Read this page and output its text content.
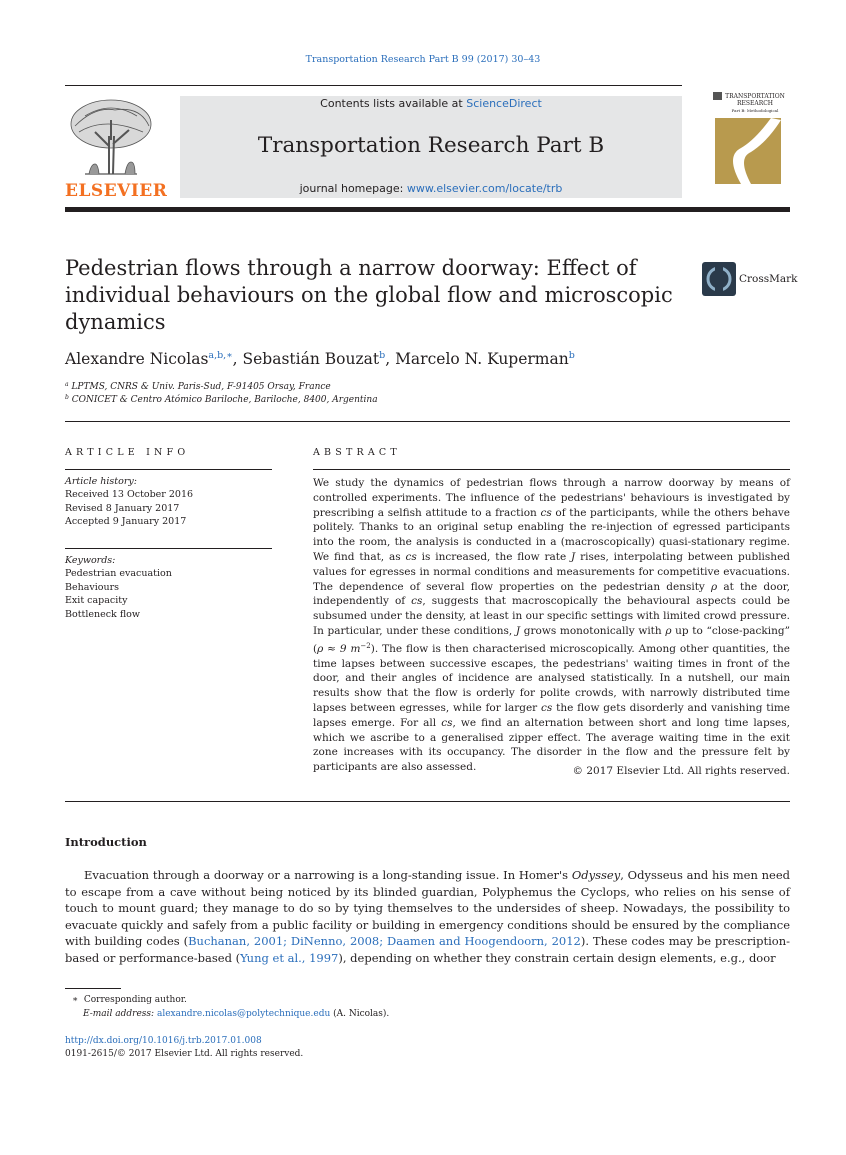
Transportation Research Part B 99 (2017) 30–43
ELSEVIER
Contents lists available at ScienceDirect
Transportation Research Part B
journal homepage: www.elsevier.com/locate/trb
TRANSPORTATION
RESEARCH
Part B: Methodological
Pedestrian flows through a narrow doorway: Effect of individual behaviours on the global flow and microscopic dynamics
CrossMark
Alexandre Nicolas$^{a,b,∗}$, Sebastián Bouzat$^b$, Marcelo N. Kuperman$^b$
$^a$ LPTMS, CNRS & Univ. Paris-Sud, F-91405 Orsay, France
$^b$ CONICET & Centro Atómico Bariloche, Bariloche, 8400, Argentina
ARTICLE INFO
Article history:
Received 13 October 2016
Revised 8 January 2017
Accepted 9 January 2017
Keywords:
Pedestrian evacuation
Behaviours
Exit capacity
Bottleneck flow
ABSTRACT
We study the dynamics of pedestrian flows through a narrow doorway by means of controlled experiments. The influence of the pedestrians' behaviours is investigated by prescribing a selfish attitude to a fraction cs of the participants, while the others behave politely. Thanks to an original setup enabling the re-injection of egressed participants into the room, the analysis is conducted in a (macroscopically) quasi-stationary regime. We find that, as cs is increased, the flow rate J rises, interpolating between published values for egresses in normal conditions and measurements for competitive evacuations. The dependence of several flow properties on the pedestrian density ρ at the door, independently of cs, suggests that macroscopically the behavioural aspects could be subsumed under the density, at least in our specific settings with limited crowd pressure. In particular, under these conditions, J grows monotonically with ρ up to “close-packing” (ρ ≈ 9 $m^{-2}$). The flow is then characterised microscopically. Among other quantities, the time lapses between successive escapes, the pedestrians' waiting times in front of the door, and their angles of incidence are analysed statistically. In a nutshell, our main results show that the flow is orderly for polite crowds, with narrowly distributed time lapses between egresses, while for larger cs the flow gets disorderly and vanishing time lapses emerge. For all cs, we find an alternation between short and long time lapses, which we ascribe to a generalised zipper effect. The average waiting time in the exit zone increases with its occupancy. The disorder in the flow and the pressure felt by participants are also assessed.	© 2017 Elsevier Ltd. All rights reserved.
Introduction
Evacuation through a doorway or a narrowing is a long-standing issue. In Homer's Odyssey, Odysseus and his men need to escape from a cave without being noticed by its blinded guardian, Polyphemus the Cyclops, who relies on his sense of touch to mount guard; they manage to do so by tying themselves to the undersides of sheep. Nowadays, the possibility to evacuate quickly and safely from a public facility or building in emergency conditions should be ensured by the compliance with building codes (Buchanan, 2001; DiNenno, 2008; Daamen and Hoogendoorn, 2012). These codes may be prescription-based or performance-based (Yung et al., 1997), depending on whether they constrain certain design elements, e.g., door
∗ Corresponding author.
E-mail address: alexandre.nicolas@polytechnique.edu (A. Nicolas).
http://dx.doi.org/10.1016/j.trb.2017.01.008
0191-2615/© 2017 Elsevier Ltd. All rights reserved.
